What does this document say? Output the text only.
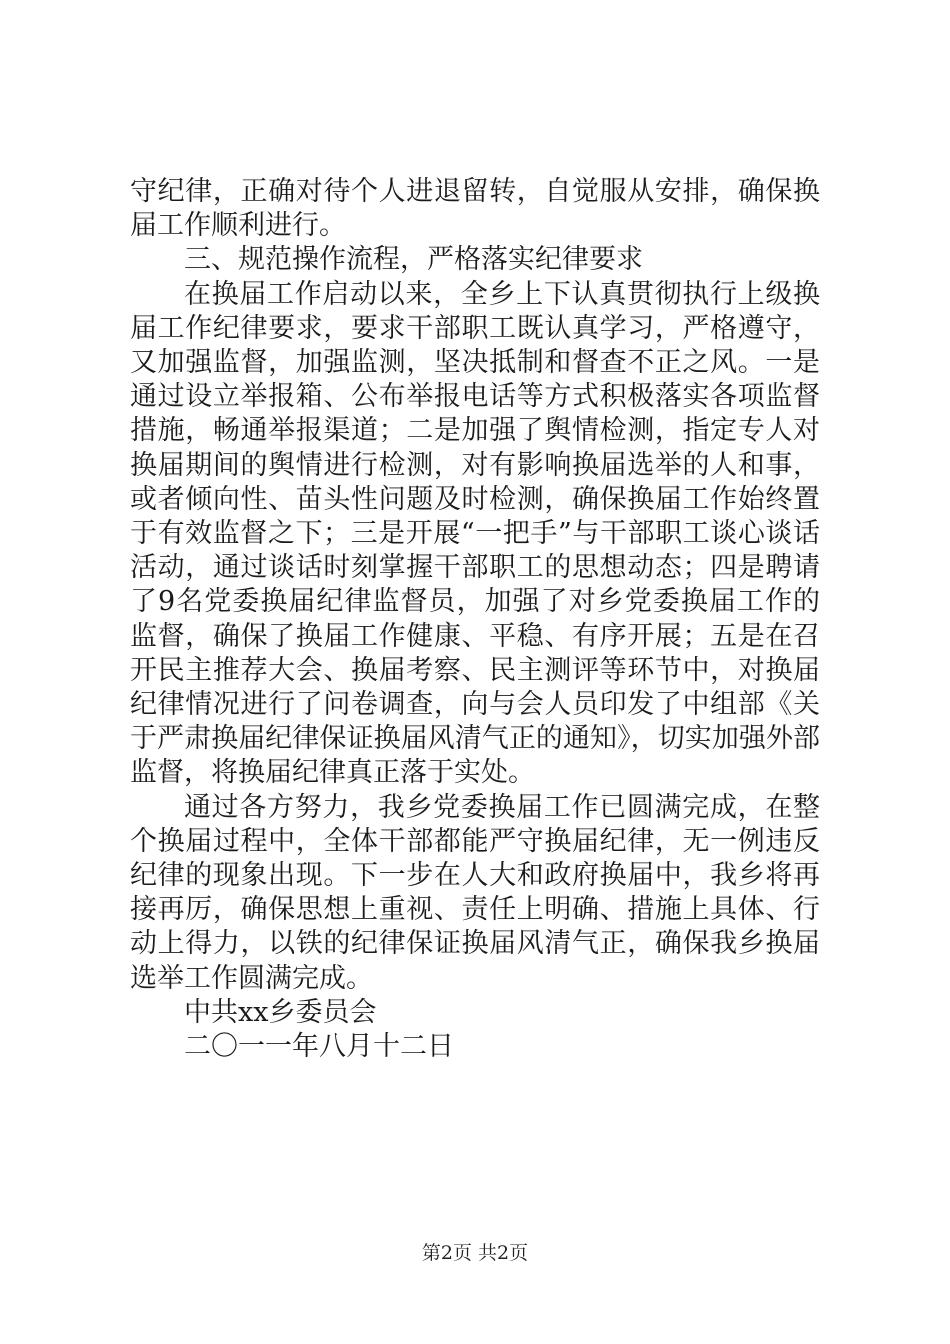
守纪律，正确对待个人进退留转，自觉服从安排，确保换届工作顺利进行。

三、规范操作流程，严格落实纪律要求

在换届工作启动以来，全乡上下认真贯彻执行上级换届工作纪律要求，要求干部职工既认真学习，严格遵守，又加强监督，加强监测，坚决抵制和督查不正之风。一是通过设立举报箱、公布举报电话等方式积极落实各项监督措施，畅通举报渠道；二是加强了舆情检测，指定专人对换届期间的舆情进行检测，对有影响换届选举的人和事，或者倾向性、苗头性问题及时检测，确保换届工作始终置于有效监督之下；三是开展“一把手”与干部职工谈心谈话活动，通过谈话时刻掌握干部职工的思想动态；四是聘请了9名党委换届纪律监督员，加强了对乡党委换届工作的监督，确保了换届工作健康、平稳、有序开展；五是在召开民主推荐大会、换届考察、民主测评等环节中，对换届纪律情况进行了问卷调查，向与会人员印发了中组部《关于严肃换届纪律保证换届风清气正的通知》，切实加强外部监督，将换届纪律真正落于实处。

通过各方努力，我乡党委换届工作已圆满完成，在整个换届过程中，全体干部都能严守换届纪律，无一例违反纪律的现象出现。下一步在人大和政府换届中，我乡将再接再厉，确保思想上重视、责任上明确、措施上具体、行动上得力，以铁的纪律保证换届风清气正，确保我乡换届选举工作圆满完成。

中共xx乡委员会

二〇一一年八月十二日

第2页 共2页
